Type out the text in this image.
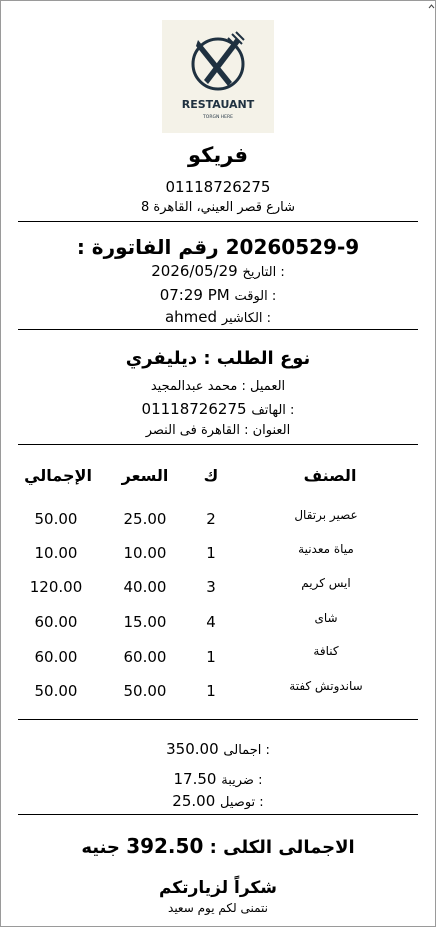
RESTAUANT
TORGN HERE
فريكو
01118726275
شارع قصر العيني، القاهرة 8
رقم الفاتورة : 20260529-9
2026/05/29 التاريخ :
07:29 PM الوقت :
ahmed الكاشير :
نوع الطلب : ديليفري
العميل : محمد عبدالمجيد
01118726275 الهاتف :
العنوان : القاهرة فى النصر
الصنف
ك
السعر
الإجمالي
عصير برتقال
2
25.00
50.00
مياة معدنية
1
10.00
10.00
ايس كريم
3
40.00
120.00
شاى
4
15.00
60.00
كنافة
1
60.00
60.00
ساندوتش كفتة
1
50.00
50.00
350.00 اجمالى :
17.50 ضريبة :
25.00 توصيل :
الاجمالى الكلى : 392.50 جنيه
شكراً لزيارتكم
نتمنى لكم يوم سعيد
